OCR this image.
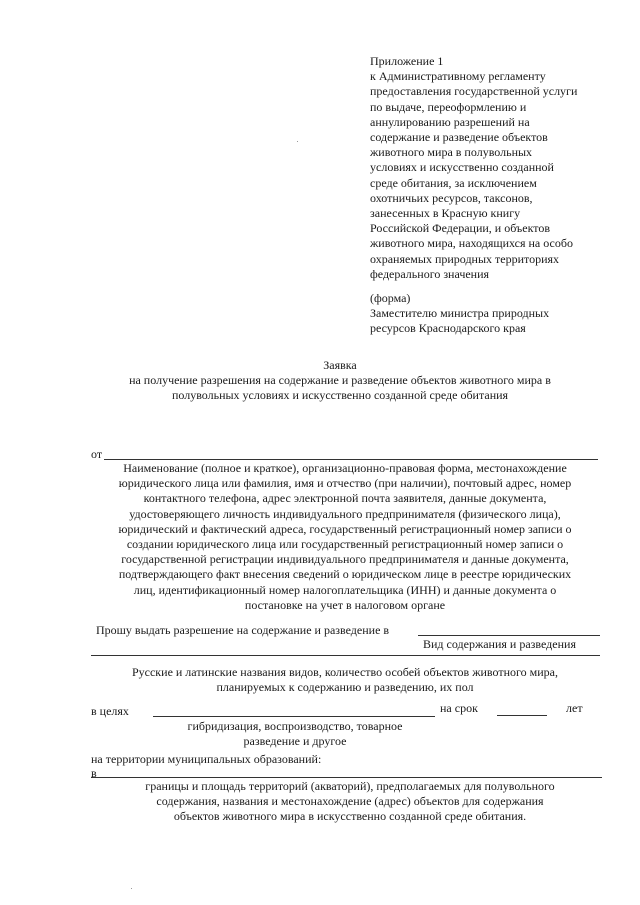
Приложение 1
к Административному регламенту
предоставления государственной услуги
по выдаче, переоформлению и
аннулированию разрешений на
содержание и разведение объектов
животного мира в полувольных
условиях и искусственно созданной
среде обитания, за исключением
охотничьих ресурсов, таксонов,
занесенных в Красную книгу
Российской Федерации, и объектов
животного мира, находящихся на особо
охраняемых природных территориях
федерального значения
(форма)
Заместителю министра природных
ресурсов Краснодарского края
Заявка
на получение разрешения на содержание и разведение объектов животного мира в
полувольных условиях и искусственно созданной среде обитания
от
Наименование (полное и краткое), организационно-правовая форма, местонахождение
юридического лица или фамилия, имя и отчество (при наличии), почтовый адрес, номер
контактного телефона, адрес электронной почта заявителя, данные документа,
удостоверяющего личность индивидуального предпринимателя (физического лица),
юридический и фактический адреса, государственный регистрационный номер записи о
создании юридического лица или государственный регистрационный номер записи о
государственной регистрации индивидуального предпринимателя и данные документа,
подтверждающего факт внесения сведений о юридическом лице в реестре юридических
лиц, идентификационный номер налогоплательщика (ИНН) и данные документа о
постановке на учет в налоговом органе
Прошу выдать разрешение на содержание и разведение в
Вид содержания и разведения
Русские и латинские названия видов, количество особей объектов животного мира,
планируемых к содержанию и разведению, их пол
в целях	на срок	лет
гибридизация, воспроизводство, товарное
разведение и другое
на территории муниципальных образований:
в
границы и площадь территорий (акваторий), предполагаемых для полувольного
содержания, названия и местонахождение (адрес) объектов для содержания
объектов животного мира в искусственно созданной среде обитания.
